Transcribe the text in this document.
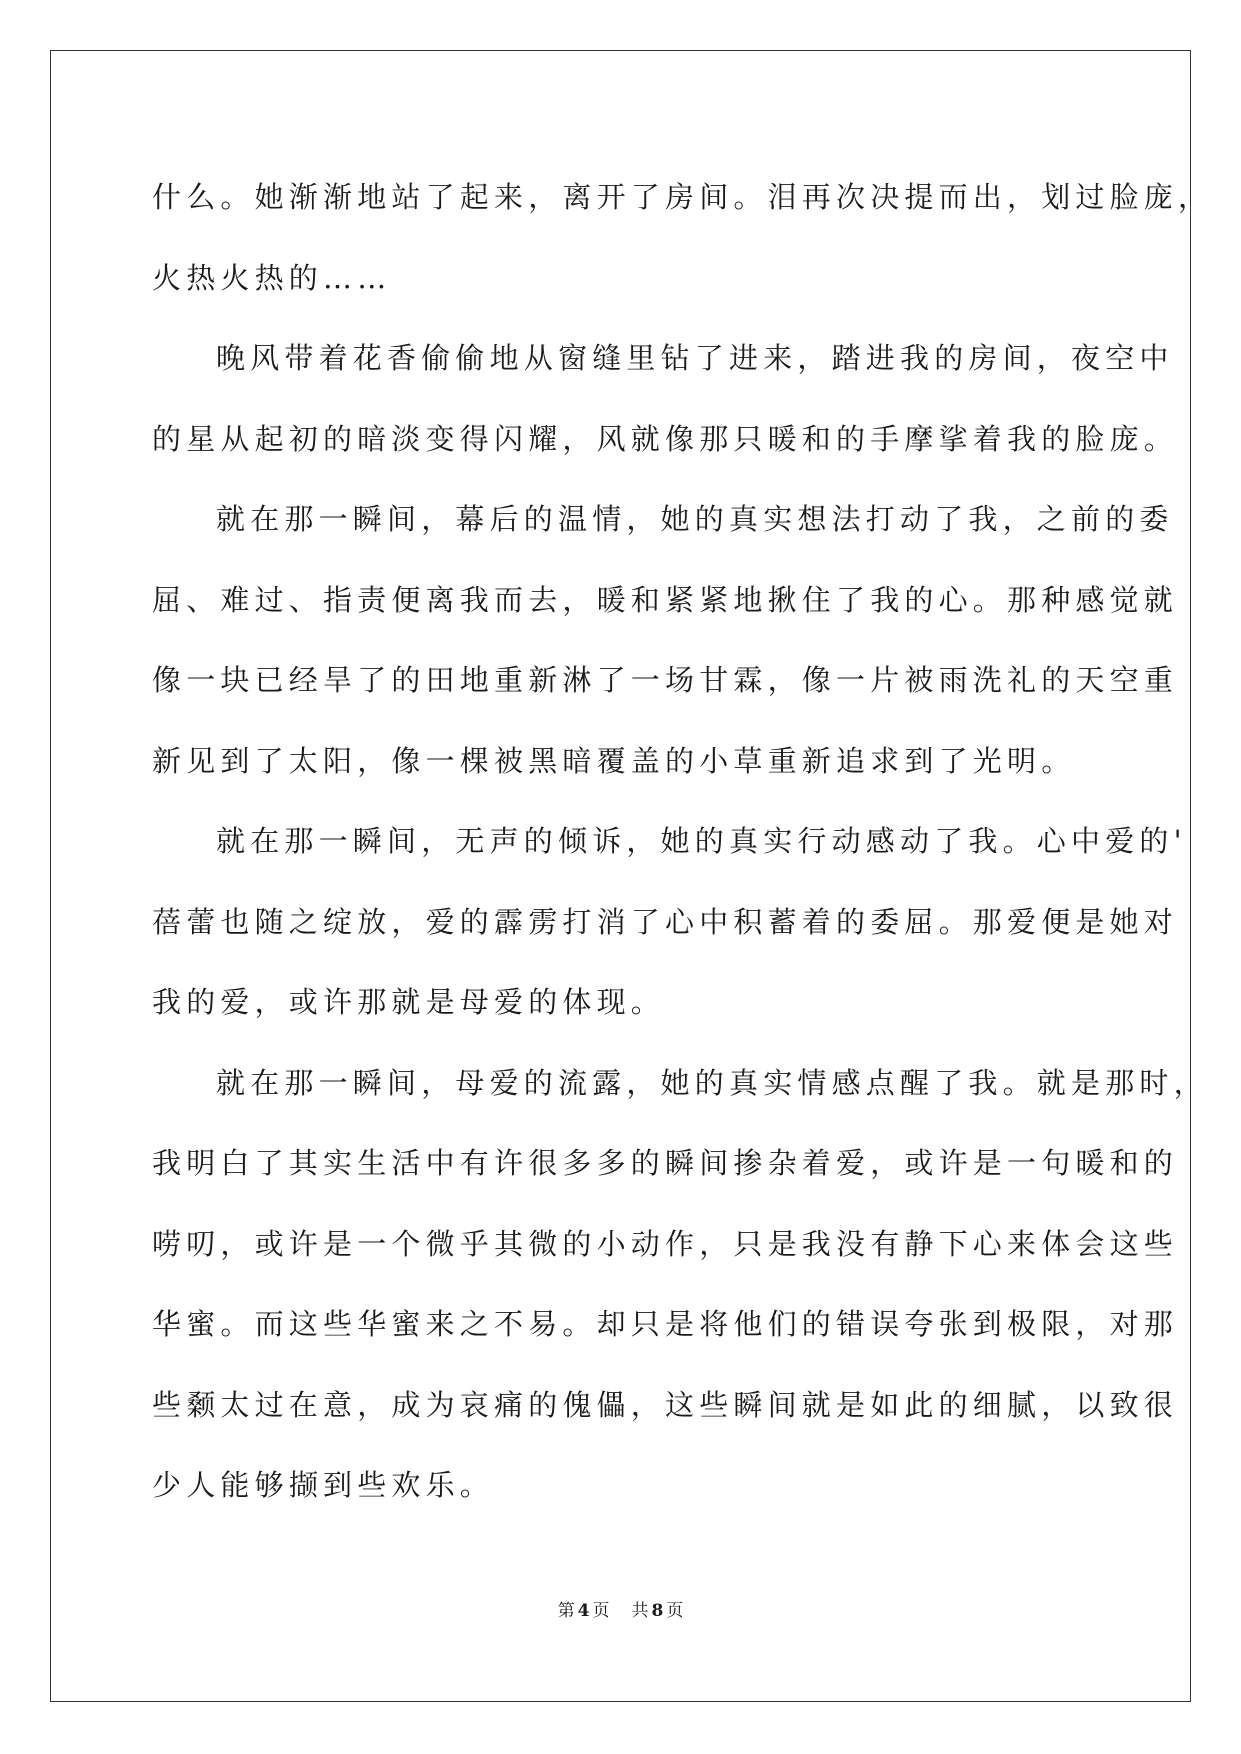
什么。她渐渐地站了起来，离开了房间。泪再次决提而出，划过脸庞，
火热火热的……
晚风带着花香偷偷地从窗缝里钻了进来，踏进我的房间，夜空中
的星从起初的暗淡变得闪耀，风就像那只暖和的手摩挲着我的脸庞。
就在那一瞬间，幕后的温情，她的真实想法打动了我，之前的委
屈、难过、指责便离我而去，暖和紧紧地揪住了我的心。那种感觉就
像一块已经旱了的田地重新淋了一场甘霖，像一片被雨洗礼的天空重
新见到了太阳，像一棵被黑暗覆盖的小草重新追求到了光明。
就在那一瞬间，无声的倾诉，她的真实行动感动了我。心中爱的'
蓓蕾也随之绽放，爱的霹雳打消了心中积蓄着的委屈。那爱便是她对
我的爱，或许那就是母爱的体现。
就在那一瞬间，母爱的流露，她的真实情感点醒了我。就是那时，
我明白了其实生活中有许很多多的瞬间掺杂着爱，或许是一句暖和的
唠叨，或许是一个微乎其微的小动作，只是我没有静下心来体会这些
华蜜。而这些华蜜来之不易。却只是将他们的错误夸张到极限，对那
些颡太过在意，成为哀痛的傀儡，这些瞬间就是如此的细腻，以致很
少人能够撷到些欢乐。
第 4 页 共 8 页
